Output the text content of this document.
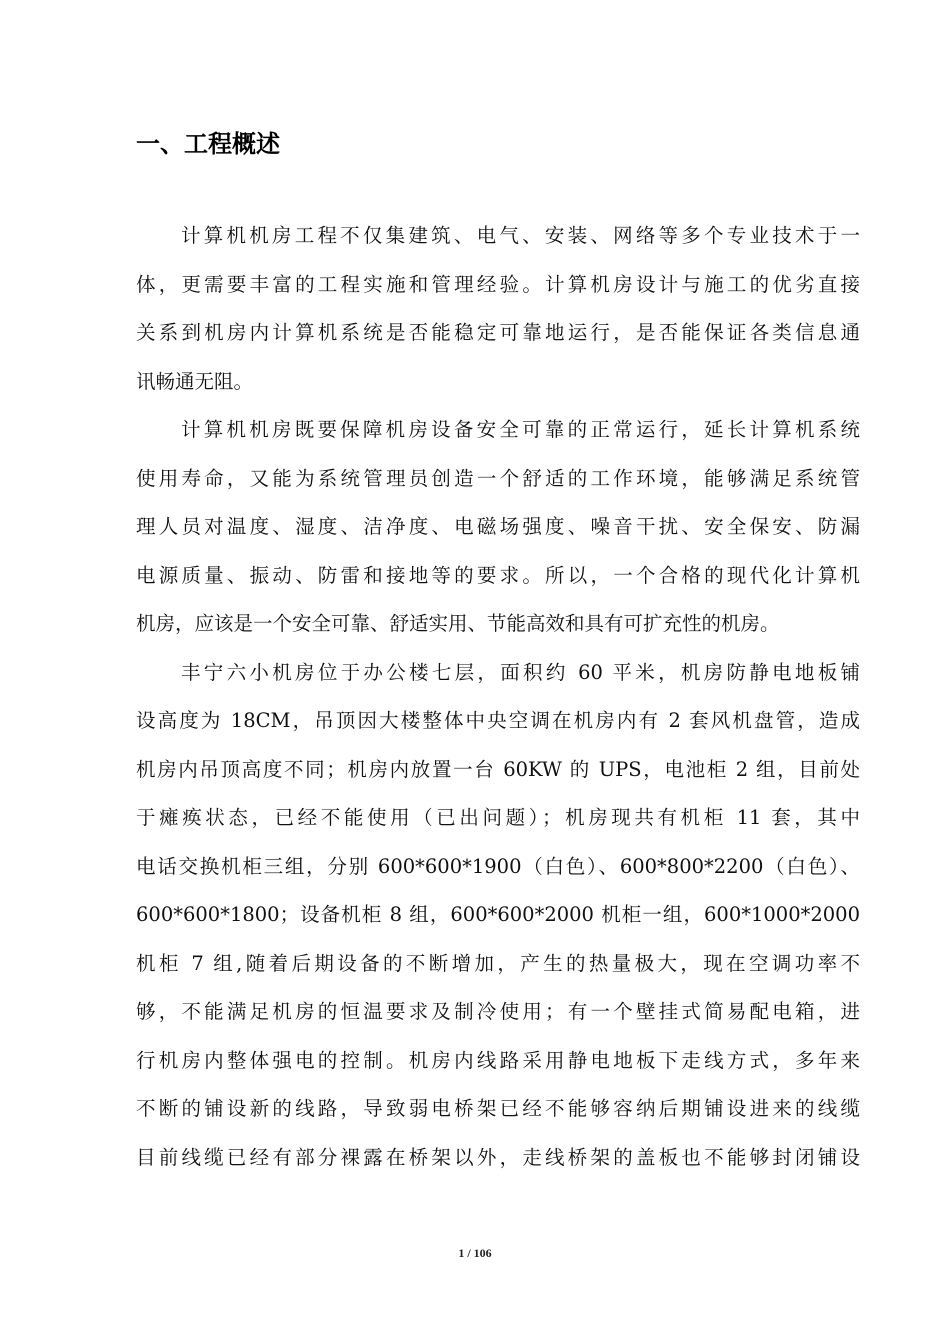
一、工程概述
计算机机房工程不仅集建筑、电气、安装、网络等多个专业技术于一
体，更需要丰富的工程实施和管理经验。计算机房设计与施工的优劣直接
关系到机房内计算机系统是否能稳定可靠地运行，是否能保证各类信息通
讯畅通无阻。
计算机机房既要保障机房设备安全可靠的正常运行，延长计算机系统
使用寿命，又能为系统管理员创造一个舒适的工作环境，能够满足系统管
理人员对温度、湿度、洁净度、电磁场强度、噪音干扰、安全保安、防漏
电源质量、振动、防雷和接地等的要求。所以，一个合格的现代化计算机
机房，应该是一个安全可靠、舒适实用、节能高效和具有可扩充性的机房。
丰宁六小机房位于办公楼七层，面积约 60 平米，机房防静电地板铺
设高度为 18CM，吊顶因大楼整体中央空调在机房内有 2 套风机盘管，造成
机房内吊顶高度不同；机房内放置一台 60KW 的 UPS，电池柜 2 组，目前处
于瘫痪状态，已经不能使用（已出问题）；机房现共有机柜 11 套，其中
电话交换机柜三组，分别 600*600*1900（白色）、600*800*2200（白色）、
600*600*1800；设备机柜 8 组，600*600*2000 机柜一组，600*1000*2000
机柜 7 组,随着后期设备的不断增加，产生的热量极大，现在空调功率不
够，不能满足机房的恒温要求及制冷使用；有一个壁挂式简易配电箱，进
行机房内整体强电的控制。机房内线路采用静电地板下走线方式，多年来
不断的铺设新的线路，导致弱电桥架已经不能够容纳后期铺设进来的线缆
目前线缆已经有部分裸露在桥架以外，走线桥架的盖板也不能够封闭铺设
1 / 106
